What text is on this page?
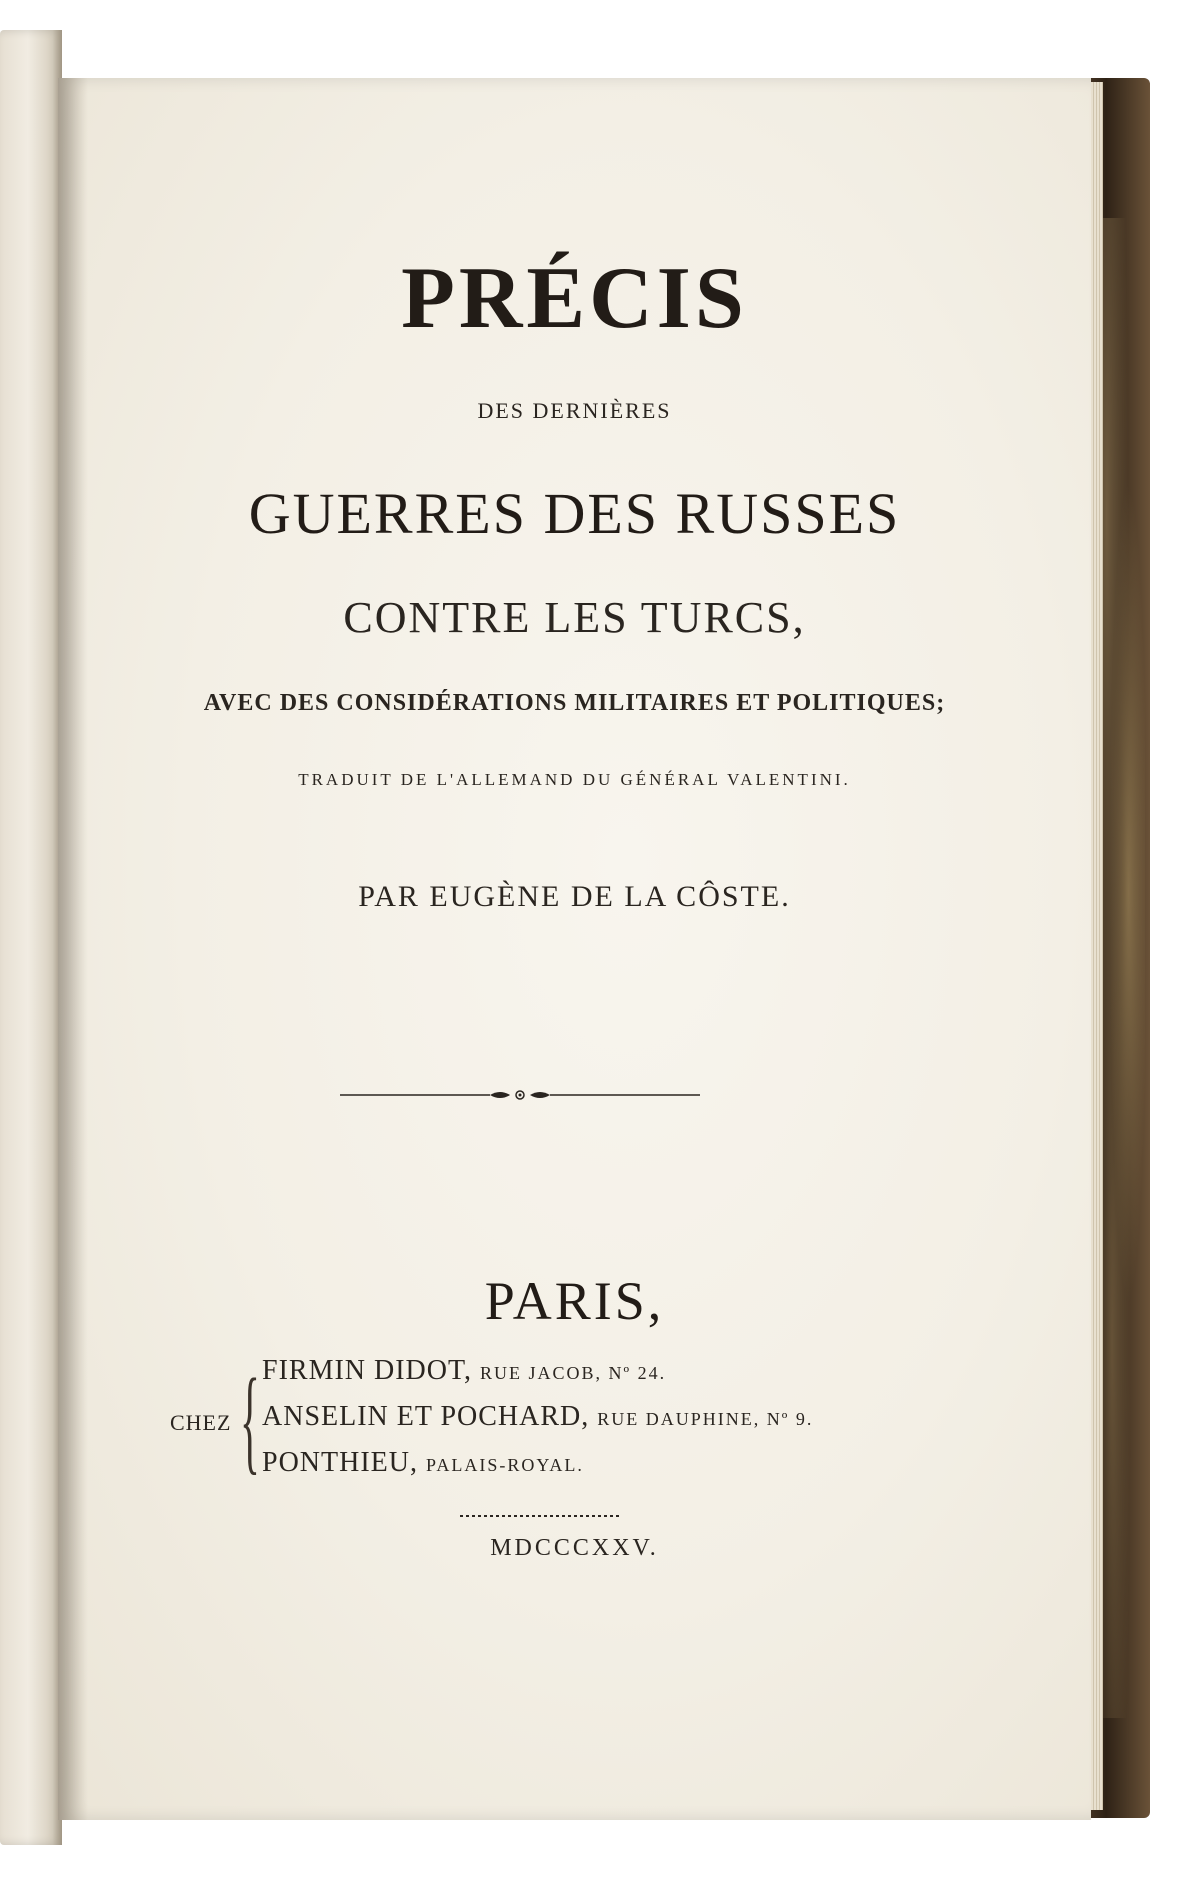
PRÉCIS
DES DERNIÈRES
GUERRES DES RUSSES
CONTRE LES TURCS,
AVEC DES CONSIDÉRATIONS MILITAIRES ET POLITIQUES;
TRADUIT DE L'ALLEMAND DU GÉNÉRAL VALENTINI.
PAR EUGÈNE DE LA CÔSTE.
PARIS,
CHEZ { FIRMIN DIDOT, RUE JACOB, Nº 24.
ANSELIN ET POCHARD, RUE DAUPHINE, Nº 9.
PONTHIEU, PALAIS-ROYAL.
MDCCCXXV.
